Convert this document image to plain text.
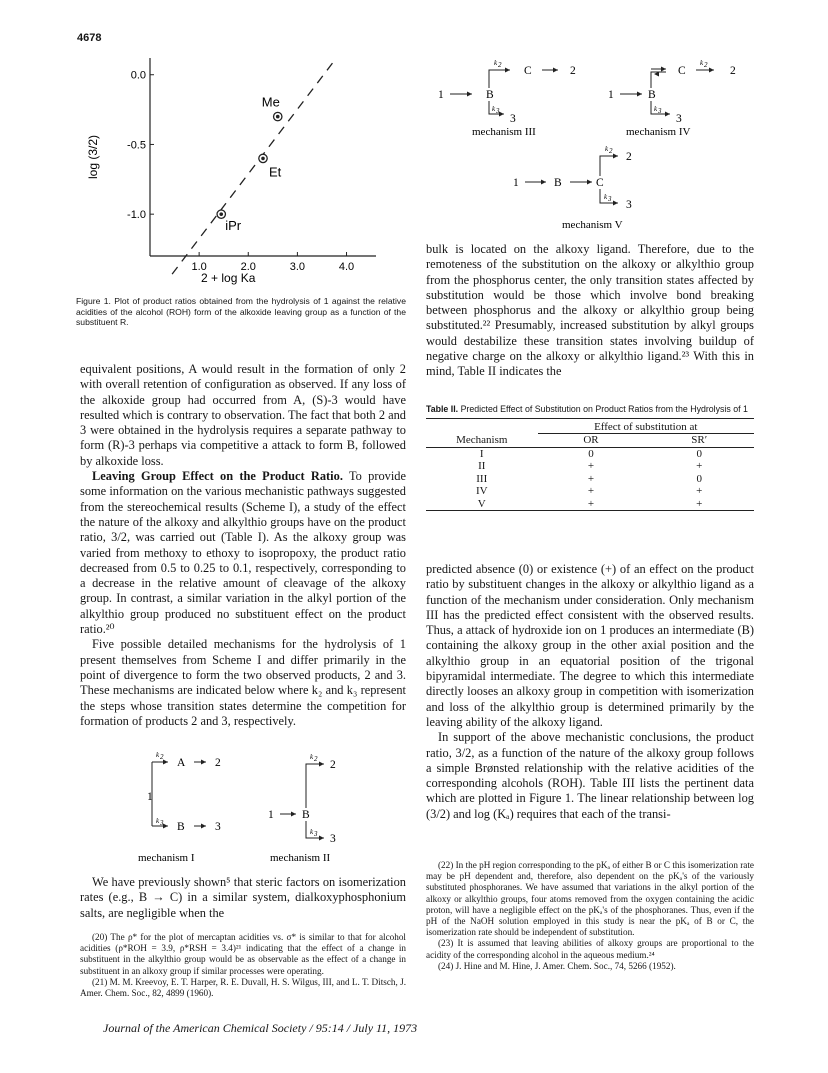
4678
Me
Et
iPr
1.0	2.0	3.0	4.0
0.0
-0.5
-1.0
2 + log Ka
log (3/2)
Figure 1. Plot of product ratios obtained from the hydrolysis of 1 against the relative acidities of the alcohol (ROH) form of the alkoxide leaving group as a function of the substituent R.

equivalent positions, A would result in the formation of only 2 with overall retention of configuration as observed. If any loss of the alkoxide group had occurred from A, (S)-3 would have resulted which is contrary to observation. The fact that both 2 and 3 were obtained in the hydrolysis requires a separate pathway to form (R)-3 perhaps via competitive a attack to form B, followed by alkoxide loss.

Leaving Group Effect on the Product Ratio. To provide some information on the various mechanistic pathways suggested from the stereochemical results (Scheme I), a study of the effect the nature of the alkoxy and alkylthio groups have on the product ratio, 3/2, was carried out (Table I). As the alkoxy group was varied from methoxy to ethoxy to isopropoxy, the product ratio decreased from 0.5 to 0.25 to 0.1, respectively, corresponding to a decrease in the relative amount of cleavage of the alkoxy group. In contrast, a similar variation in the alkyl portion of the alkylthio group produced no substituent effect on the product ratio.²⁰

Five possible detailed mechanisms for the hydrolysis of 1 present themselves from Scheme I and differ primarily in the point of divergence to form the two observed products, 2 and 3. These mechanisms are indicated below where k₂ and k₃ represent the steps whose transition states determine the competition for formation of products 2 and 3, respectively.

k 2
k 3
A	2
1
B	3
mechanism I
1 B
k 2 2
k 3 3
mechanism II

We have previously shown⁵ that steric factors on isomerization rates (e.g., B → C) in a similar system, dialkoxyphosphonium salts, are negligible when the

(20) The ρ* for the plot of mercaptan acidities vs. σ* is similar to that for alcohol acidities (ρ*ROH = 3.9, ρ*RSH = 3.4)²¹ indicating that the effect of a change in substituent in the alkylthio group would be as observable as the effect of a change in substituent in an alkoxy group if similar processes were operating.
(21) M. M. Kreevoy, E. T. Harper, R. E. Duvall, H. S. Wilgus, III, and L. T. Ditsch, J. Amer. Chem. Soc., 82, 4899 (1960).
1	B
k 2 C	2
k 3
3
mechanism III
1	B
C
k 2 2
k 3
3
mechanism IV
1	B	C
k 2 2
k 3 3
mechanism V

bulk is located on the alkoxy ligand. Therefore, due to the remoteness of the substitution on the alkoxy or alkylthio group from the phosphorus center, the only transition states affected by substitution would be those which involve bond breaking between phosphorus and the alkoxy or alkylthio group being substituted.²² Presumably, increased substitution by alkyl groups would destabilize these transition states involving buildup of negative charge on the alkoxy or alkylthio ligand.²³ With this in mind, Table II indicates the

Table II. Predicted Effect of Substitution on Product Ratios from the Hydrolysis of 1
	Effect of substitution at	
Mechanism	OR	SR′
I	0	0
II	+	+
III	+	0
IV	+	+
V	+	+

predicted absence (0) or existence (+) of an effect on the product ratio by substituent changes in the alkoxy or alkylthio ligand as a function of the mechanism under consideration. Only mechanism III has the predicted effect consistent with the observed results. Thus, a attack of hydroxide ion on 1 produces an intermediate (B) containing the alkoxy group in the other axial position and the alkylthio group in an equatorial position of the trigonal bipyramidal intermediate. The degree to which this intermediate directly looses an alkoxy group in competition with isomerization and loss of the alkylthio group is determined primarily by the leaving ability of the alkoxy ligand.

In support of the above mechanistic conclusions, the product ratio, 3/2, as a function of the nature of the alkoxy group follows a simple Brønsted relationship with the relative acidities of the corresponding alcohols (ROH). Table III lists the pertinent data which are plotted in Figure 1. The linear relationship between log (3/2) and log (Kₐ) requires that each of the transi-

(22) In the pH region corresponding to the pKₐ of either B or C this isomerization rate may be pH dependent and, therefore, also dependent on the pKₐ's of the variously substituted phosphoranes. We have assumed that variations in the alkyl portion of the alkoxy or alkylthio groups, four atoms removed from the oxygen containing the acidic proton, will have a negligible effect on the pKₐ's of the phosphoranes. Thus, even if the pH of the NaOH solution employed in this study is near the pKₐ of B or C, the isomerization rate should be independent of substitution.
(23) It is assumed that leaving abilities of alkoxy groups are proportional to the acidity of the corresponding alcohol in the aqueous medium.²⁴
(24) J. Hine and M. Hine, J. Amer. Chem. Soc., 74, 5266 (1952).
Journal of the American Chemical Society / 95:14 / July 11, 1973
